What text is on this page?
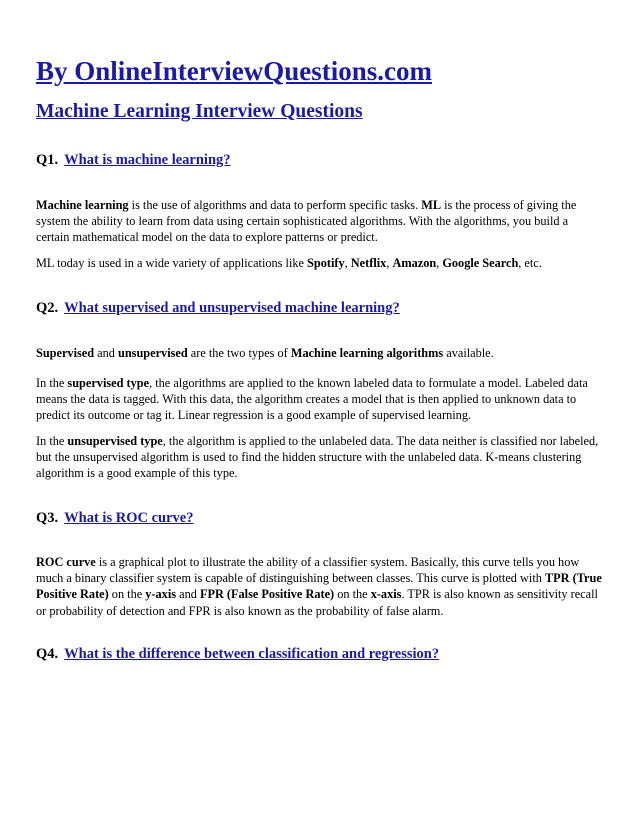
By OnlineInterviewQuestions.com
Machine Learning Interview Questions
Q1. What is machine learning?

Machine learning is the use of algorithms and data to perform specific tasks. ML is the process of giving the system the ability to learn from data using certain sophisticated algorithms. With the algorithms, you build a certain mathematical model on the data to explore patterns or predict.

ML today is used in a wide variety of applications like Spotify, Netflix, Amazon, Google Search, etc.

Q2. What supervised and unsupervised machine learning?

Supervised and unsupervised are the two types of Machine learning algorithms available.

In the supervised type, the algorithms are applied to the known labeled data to formulate a model. Labeled data means the data is tagged. With this data, the algorithm creates a model that is then applied to unknown data to predict its outcome or tag it. Linear regression is a good example of supervised learning.

In the unsupervised type, the algorithm is applied to the unlabeled data. The data neither is classified nor labeled, but the unsupervised algorithm is used to find the hidden structure with the unlabeled data. K-means clustering algorithm is a good example of this type.

Q3. What is ROC curve?

ROC curve is a graphical plot to illustrate the ability of a classifier system. Basically, this curve tells you how much a binary classifier system is capable of distinguishing between classes. This curve is plotted with TPR (True Positive Rate) on the y-axis and FPR (False Positive Rate) on the x-axis. TPR is also known as sensitivity recall or probability of detection and FPR is also known as the probability of false alarm.

Q4. What is the difference between classification and regression?
